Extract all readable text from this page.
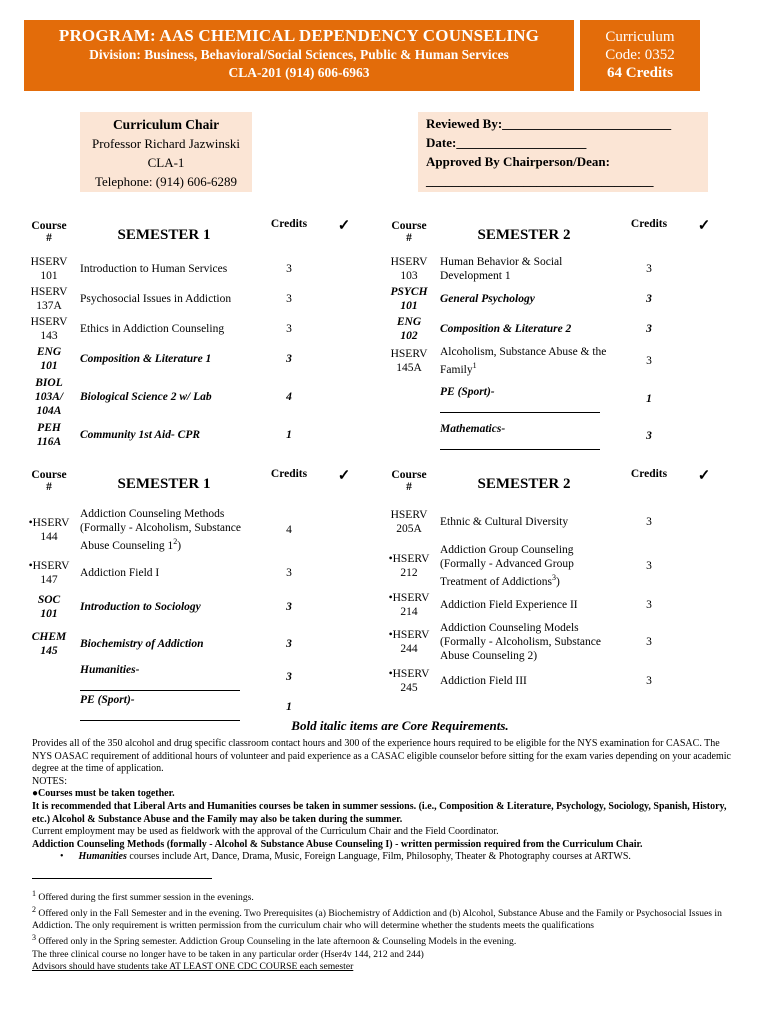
PROGRAM: AAS CHEMICAL DEPENDENCY COUNSELING
Division: Business, Behavioral/Social Sciences, Public & Human Services
CLA-201 (914) 606-6963
Curriculum
Code: 0352
64 Credits
Curriculum Chair
Professor Richard Jazwinski
CLA-1
Telephone: (914) 606-6289
Reviewed By:__________________________
Date:____________________
Approved By Chairperson/Dean:
___________________________________
Course
#	SEMESTER 1	Credits	✓
HSERV
101	Introduction to Human Services	3	
HSERV
137A	Psychosocial Issues in Addiction	3	
HSERV
143	Ethics in Addiction Counseling	3	
ENG
101	Composition & Literature 1	3	
BIOL
103A/ 104A	Biological Science 2 w/ Lab	4	
PEH
116A	Community 1st Aid- CPR	1	
Course
#	SEMESTER 2	Credits	✓
HSERV
103	Human Behavior & Social Development 1	3	
PSYCH
101	General Psychology	3	
ENG
102	Composition & Literature 2	3	
HSERV
145A	Alcoholism, Substance Abuse & the Family$^1$	3	
	PE (Sport)-	1	
	Mathematics-	3	
Course
#	SEMESTER 1	Credits	✓
• HSERV
144	Addiction Counseling Methods (Formally - Alcoholism, Substance Abuse Counseling $1^2$)	4	
• HSERV
147	Addiction Field I	3	
SOC
101	Introduction to Sociology	3	
CHEM
145	Biochemistry of Addiction	3	
	Humanities-	3	
	PE (Sport)-	1	
Course
#	SEMESTER 2	Credits	✓
HSERV
205A	Ethnic & Cultural Diversity	3	
• HSERV
212	Addiction Group Counseling (Formally - Advanced Group Treatment of Addictions$^3$)	3	
• HSERV
214	Addiction Field Experience II	3	
• HSERV
244	Addiction Counseling Models (Formally - Alcoholism, Substance Abuse Counseling 2)	3	
• HSERV
245	Addiction Field III	3	
Bold italic items are Core Requirements.
Provides all of the 350 alcohol and drug specific classroom contact hours and 300 of the experience hours required to be eligible for the NYS examination for CASAC. The NYS OASAC requirement of additional hours of volunteer and paid experience as a CASAC eligible counselor before sitting for the exam varies depending on your academic degree at the time of application.
NOTES:
●Courses must be taken together.
It is recommended that Liberal Arts and Humanities courses be taken in summer sessions. (i.e., Composition & Literature, Psychology, Sociology, Spanish, History, etc.) Alcohol & Substance Abuse and the Family may also be taken during the summer.
Current employment may be used as fieldwork with the approval of the Curriculum Chair and the Field Coordinator.
Addiction Counseling Methods (formally - Alcohol & Substance Abuse Counseling I) - written permission required from the Curriculum Chair.
•      Humanities courses include Art, Dance, Drama, Music, Foreign Language, Film, Philosophy, Theater & Photography courses at ARTWS.
$^1$ Offered during the first summer session in the evenings.
$^2$ Offered only in the Fall Semester and in the evening. Two Prerequisites (a) Biochemistry of Addiction and (b) Alcohol, Substance Abuse and the Family or Psychosocial Issues in Addiction. The only requirement is written permission from the curriculum chair who will determine whether the students meets the qualifications
$^3$ Offered only in the Spring semester. Addiction Group Counseling in the late afternoon & Counseling Models in the evening.
The three clinical course no longer have to be taken in any particular order (Hser4v 144, 212 and 244)
Advisors should have students take AT LEAST ONE CDC COURSE each semester
